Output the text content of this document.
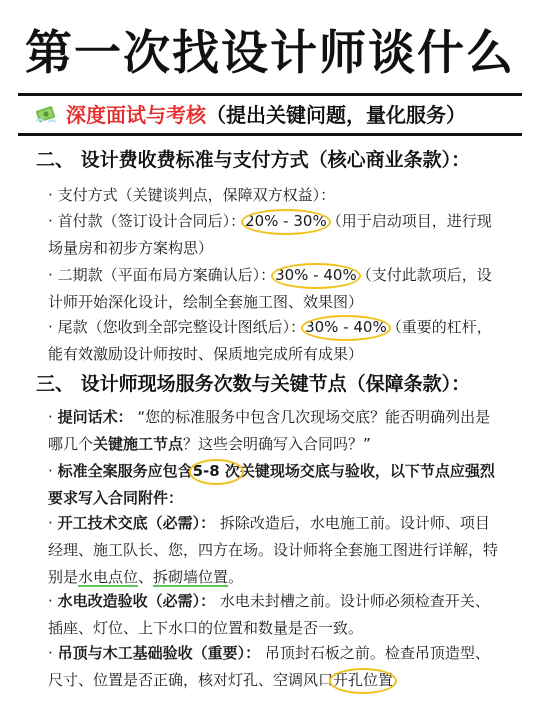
第一次找设计师谈什么
深度面试与考核（提出关键问题，量化服务）
二、 设计费收费标准与支付方式（核心商业条款）：
· 支付方式（关键谈判点，保障双方权益）：
· 首付款（签订设计合同后）：20% - 30%
（用于启动项目，进行现场量房和初步方案构思）
· 二期款（平面布局方案确认后）：30% - 40%
（支付此款项后，设计师开始深化设计，绘制全套施工图、效果图）
· 尾款（您收到全部完整设计图纸后）：30% - 40%
（重要的杠杆，能有效激励设计师按时、保质地完成所有成果）
三、 设计师现场服务次数与关键节点（保障条款）：
· 提问话术： “您的标准服务中包含几次现场交底？能否明确列出是哪几个关键施工节点？这些会明确写入合同吗？”
· 标准全案服务应包含5-8 次
关键现场交底与验收，以下节点应强烈要求写入合同附件：
· 开工技术交底（必需）： 拆除改造后，水电施工前。设计师、项目经理、施工队长、您，四方在场。设计师将全套施工图进行详解，特别是水电点位、拆砌墙位置。
· 水电改造验收（必需）： 水电未封槽之前。设计师必须检查开关、插座、灯位、上下水口的位置和数量是否一致。
· 吊顶与木工基础验收（重要）： 吊顶封石板之前。检查吊顶造型、尺寸、位置是否正确，核对灯孔、空调风口开孔位置
